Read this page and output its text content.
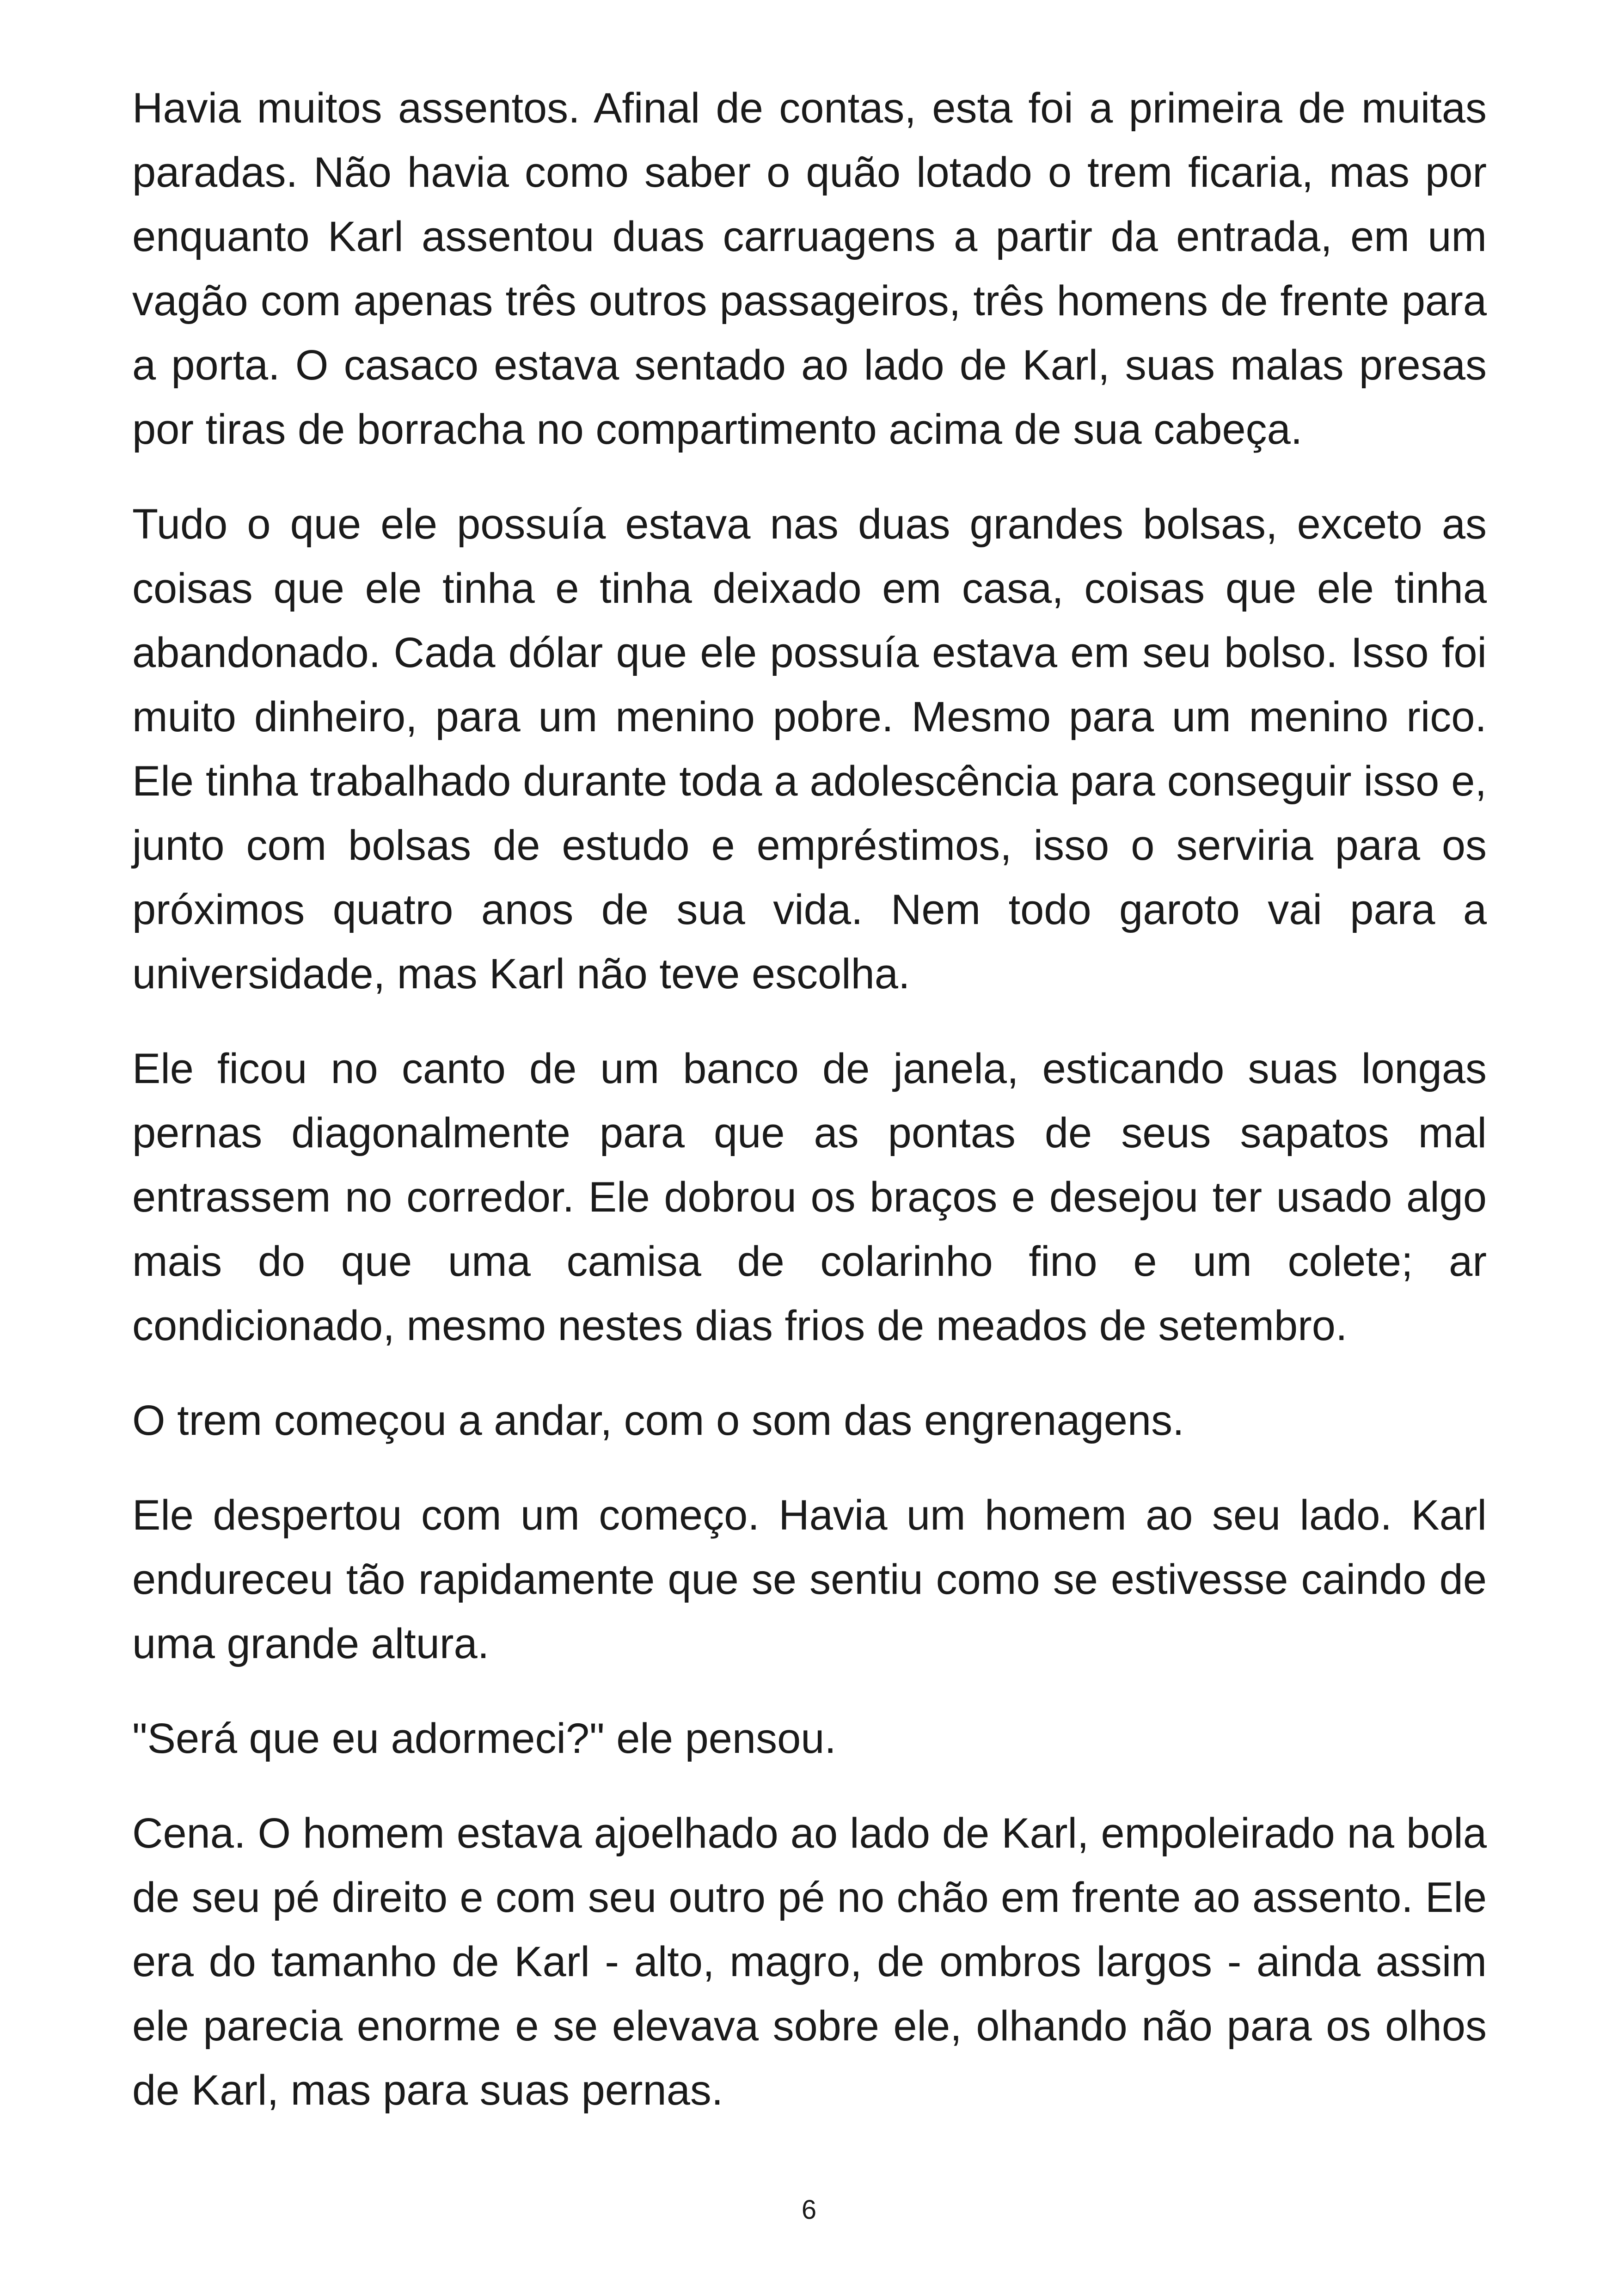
Havia muitos assentos. Afinal de contas, esta foi a primeira de muitas paradas. Não havia como saber o quão lotado o trem ficaria, mas por enquanto Karl assentou duas carruagens a partir da entrada, em um vagão com apenas três outros passageiros, três homens de frente para a porta. O casaco estava sentado ao lado de Karl, suas malas presas por tiras de borracha no compartimento acima de sua cabeça.

Tudo o que ele possuía estava nas duas grandes bolsas, exceto as coisas que ele tinha e tinha deixado em casa, coisas que ele tinha abandonado. Cada dólar que ele possuía estava em seu bolso. Isso foi muito dinheiro, para um menino pobre. Mesmo para um menino rico. Ele tinha trabalhado durante toda a adolescência para conseguir isso e, junto com bolsas de estudo e empréstimos, isso o serviria para os próximos quatro anos de sua vida. Nem todo garoto vai para a universidade, mas Karl não teve escolha.

Ele ficou no canto de um banco de janela, esticando suas longas pernas diagonalmente para que as pontas de seus sapatos mal entrassem no corredor. Ele dobrou os braços e desejou ter usado algo mais do que uma camisa de colarinho fino e um colete; ar condicionado, mesmo nestes dias frios de meados de setembro.

O trem começou a andar, com o som das engrenagens.

Ele despertou com um começo. Havia um homem ao seu lado. Karl endureceu tão rapidamente que se sentiu como se estivesse caindo de uma grande altura.

"Será que eu adormeci?" ele pensou.

Cena. O homem estava ajoelhado ao lado de Karl, empoleirado na bola de seu pé direito e com seu outro pé no chão em frente ao assento. Ele era do tamanho de Karl - alto, magro, de ombros largos - ainda assim ele parecia enorme e se elevava sobre ele, olhando não para os olhos de Karl, mas para suas pernas.

6
